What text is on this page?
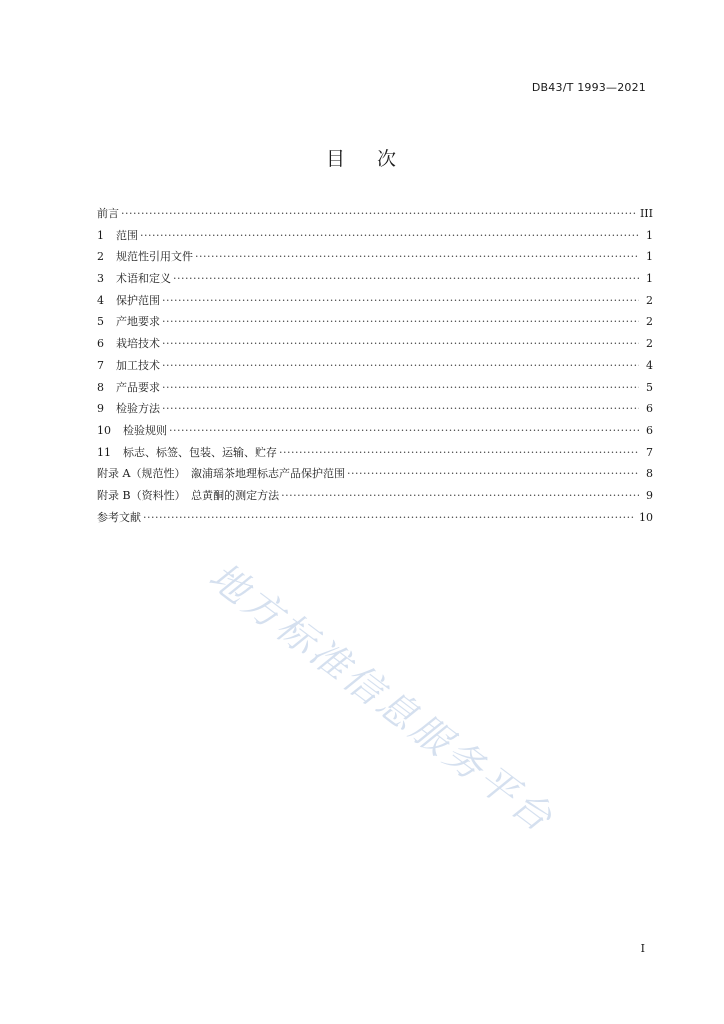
DB43/T 1993—2021
目 次
前言 ·····	III
1	范围 ·····	1
2	规范性引用文件 ·····	1
3	术语和定义 ·····	1
4	保护范围 ·····	2
5	产地要求 ·····	2
6	栽培技术 ·····	2
7	加工技术 ·····	4
8	产品要求 ·····	5
9	检验方法 ·····	6
10	检验规则 ·····	6
11	标志、标签、包装、运输、贮存 ·····	7
附录 A（规范性）　溆浦瑶茶地理标志产品保护范围 ·····	8
附录 B（资料性）　总黄酮的测定方法 ·····	9
参考文献 ·····	10
地方标准信息服务平台
I
